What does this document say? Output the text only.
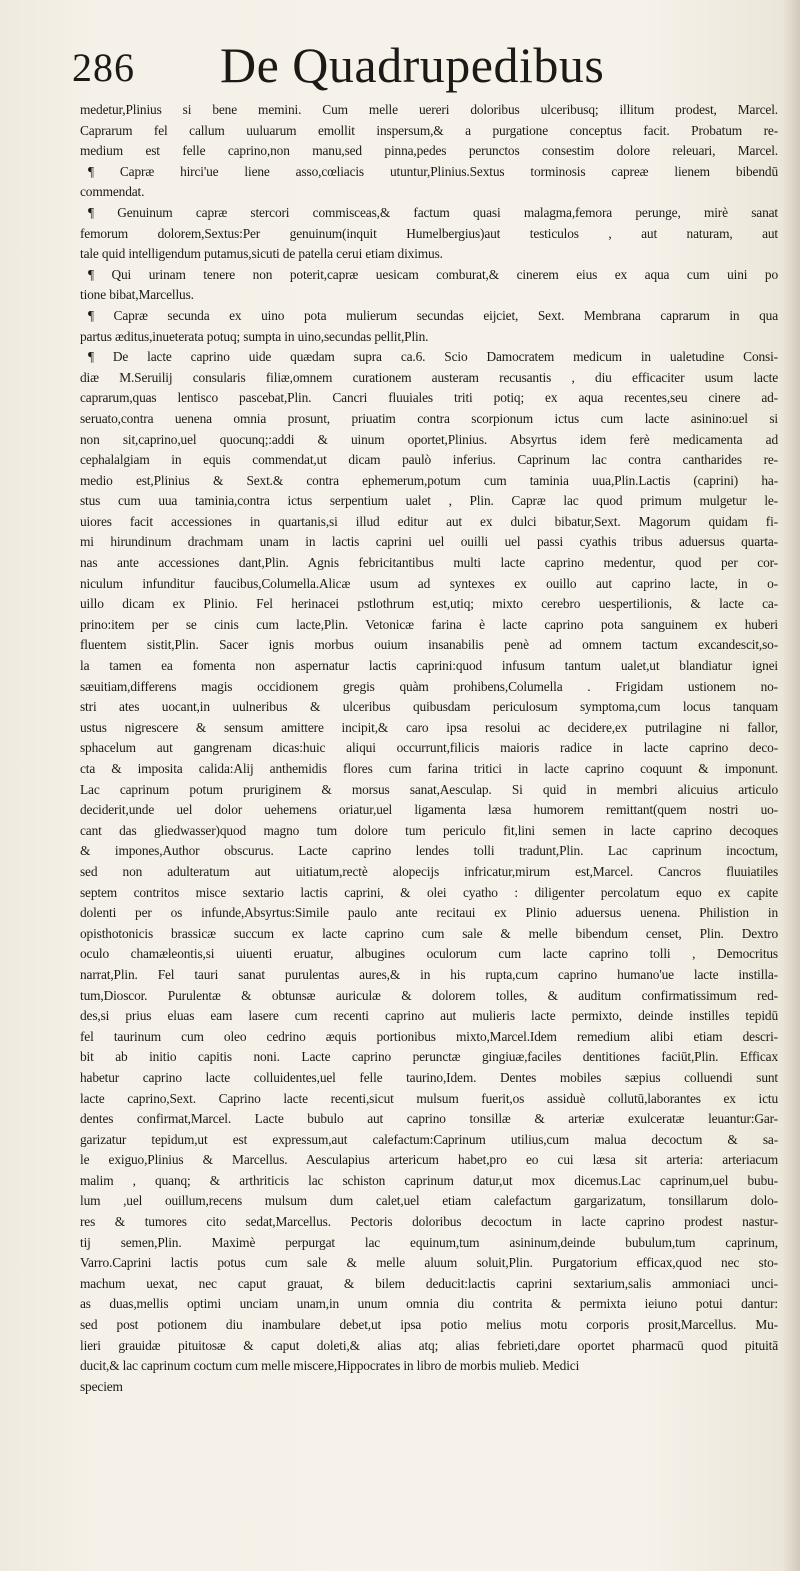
286 De Quadrupedibus
medetur,Plinius si bene memini. Cum melle uereri doloribus ulceribusq; illitum prodest, Marcel.
Caprarum fel callum uuluarum emollit inspersum,& a purgatione conceptus facit. Probatum re-
medium est felle caprino,non manu,sed pinna,pedes perunctos consestim dolore releuari, Marcel.
¶ Capræ hirci'ue liene asso,cœliacis utuntur,Plinius.Sextus torminosis capreæ lienem bibendū
commendat.
¶ Genuinum capræ stercori commisceas,& factum quasi malagma,femora perunge, mirè sanat
femorum dolorem,Sextus:Per genuinum(inquit Humelbergius)aut testiculos , aut naturam, aut
tale quid intelligendum putamus,sicuti de patella cerui etiam diximus.
¶ Qui urinam tenere non poterit,capræ uesicam comburat,& cinerem eius ex aqua cum uini po
tione bibat,Marcellus.
¶ Capræ secunda ex uino pota mulierum secundas eijciet, Sext. Membrana caprarum in qua
partus æditus,inueterata potuq; sumpta in uino,secundas pellit,Plin.
¶ De lacte caprino uide quædam supra ca.6. Scio Damocratem medicum in ualetudine Consi-
diæ M.Seruilij consularis filiæ,omnem curationem austeram recusantis , diu efficaciter usum lacte
caprarum,quas lentisco pascebat,Plin. Cancri fluuiales triti potiq; ex aqua recentes,seu cinere ad-
seruato,contra uenena omnia prosunt, priuatim contra scorpionum ictus cum lacte asinino:uel si
non sit,caprino,uel quocunq;:addi & uinum oportet,Plinius. Absyrtus idem ferè medicamenta ad
cephalalgiam in equis commendat,ut dicam paulò inferius. Caprinum lac contra cantharides re-
medio est,Plinius & Sext.& contra ephemerum,potum cum taminia uua,Plin.Lactis (caprini) ha-
stus cum uua taminia,contra ictus serpentium ualet , Plin. Capræ lac quod primum mulgetur le-
uiores facit accessiones in quartanis,si illud editur aut ex dulci bibatur,Sext. Magorum quidam fi-
mi hirundinum drachmam unam in lactis caprini uel ouilli uel passi cyathis tribus aduersus quarta-
nas ante accessiones dant,Plin. Agnis febricitantibus multi lacte caprino medentur, quod per cor-
niculum infunditur faucibus,Columella.Alicæ usum ad syntexes ex ouillo aut caprino lacte, in o-
uillo dicam ex Plinio. Fel herinacei pstlothrum est,utiq; mixto cerebro uespertilionis, & lacte ca-
prino:item per se cinis cum lacte,Plin. Vetonicæ farina è lacte caprino pota sanguinem ex huberi
fluentem sistit,Plin. Sacer ignis morbus ouium insanabilis penè ad omnem tactum excandescit,so-
la tamen ea fomenta non aspernatur lactis caprini:quod infusum tantum ualet,ut blandiatur ignei
sæuitiam,differens magis occidionem gregis quàm prohibens,Columella . Frigidam ustionem no-
stri ates uocant,in uulneribus & ulceribus quibusdam periculosum symptoma,cum locus tanquam
ustus nigrescere & sensum amittere incipit,& caro ipsa resolui ac decidere,ex putrilagine ni fallor,
sphacelum aut gangrenam dicas:huic aliqui occurrunt,filicis maioris radice in lacte caprino deco-
cta & imposita calida:Alij anthemidis flores cum farina tritici in lacte caprino coquunt & imponunt.
Lac caprinum potum pruriginem & morsus sanat,Aesculap. Si quid in membri alicuius articulo
deciderit,unde uel dolor uehemens oriatur,uel ligamenta læsa humorem remittant(quem nostri uo-
cant das gliedwasser)quod magno tum dolore tum periculo fit,lini semen in lacte caprino decoques
& impones,Author obscurus. Lacte caprino lendes tolli tradunt,Plin. Lac caprinum incoctum,
sed non adulteratum aut uitiatum,rectè alopecijs infricatur,mirum est,Marcel. Cancros fluuiatiles
septem contritos misce sextario lactis caprini, & olei cyatho : diligenter percolatum equo ex capite
dolenti per os infunde,Absyrtus:Simile paulo ante recitaui ex Plinio aduersus uenena. Philistion in
opisthotonicis brassicæ succum ex lacte caprino cum sale & melle bibendum censet, Plin. Dextro
oculo chamæleontis,si uiuenti eruatur, albugines oculorum cum lacte caprino tolli , Democritus
narrat,Plin. Fel tauri sanat purulentas aures,& in his rupta,cum caprino humano'ue lacte instilla-
tum,Dioscor. Purulentæ & obtunsæ auriculæ & dolorem tolles, & auditum confirmatissimum red-
des,si prius eluas eam lasere cum recenti caprino aut mulieris lacte permixto, deinde instilles tepidū
fel taurinum cum oleo cedrino æquis portionibus mixto,Marcel.Idem remedium alibi etiam descri-
bit ab initio capitis noni. Lacte caprino perunctæ gingiuæ,faciles dentitiones faciūt,Plin. Efficax
habetur caprino lacte colluidentes,uel felle taurino,Idem. Dentes mobiles sæpius colluendi sunt
lacte caprino,Sext. Caprino lacte recenti,sicut mulsum fuerit,os assiduè collutū,laborantes ex ictu
dentes confirmat,Marcel. Lacte bubulo aut caprino tonsillæ & arteriæ exulceratæ leuantur:Gar-
garizatur tepidum,ut est expressum,aut calefactum:Caprinum utilius,cum malua decoctum & sa-
le exiguo,Plinius & Marcellus. Aesculapius artericum habet,pro eo cui læsa sit arteria: arteriacum
malim , quanq; & arthriticis lac schiston caprinum datur,ut mox dicemus.Lac caprinum,uel bubu-
lum ,uel ouillum,recens mulsum dum calet,uel etiam calefactum gargarizatum, tonsillarum dolo-
res & tumores cito sedat,Marcellus. Pectoris doloribus decoctum in lacte caprino prodest nastur-
tij semen,Plin. Maximè perpurgat lac equinum,tum asininum,deinde bubulum,tum caprinum,
Varro.Caprini lactis potus cum sale & melle aluum soluit,Plin. Purgatorium efficax,quod nec sto-
machum uexat, nec caput grauat, & bilem deducit:lactis caprini sextarium,salis ammoniaci unci-
as duas,mellis optimi unciam unam,in unum omnia diu contrita & permixta ieiuno potui dantur:
sed post potionem diu inambulare debet,ut ipsa potio melius motu corporis prosit,Marcellus. Mu-
lieri grauidæ pituitosæ & caput doleti,& alias atq; alias febrieti,dare oportet pharmacū quod pituitā
ducit,& lac caprinum coctum cum melle miscere,Hippocrates in libro de morbis mulieb. Medici
speciem
